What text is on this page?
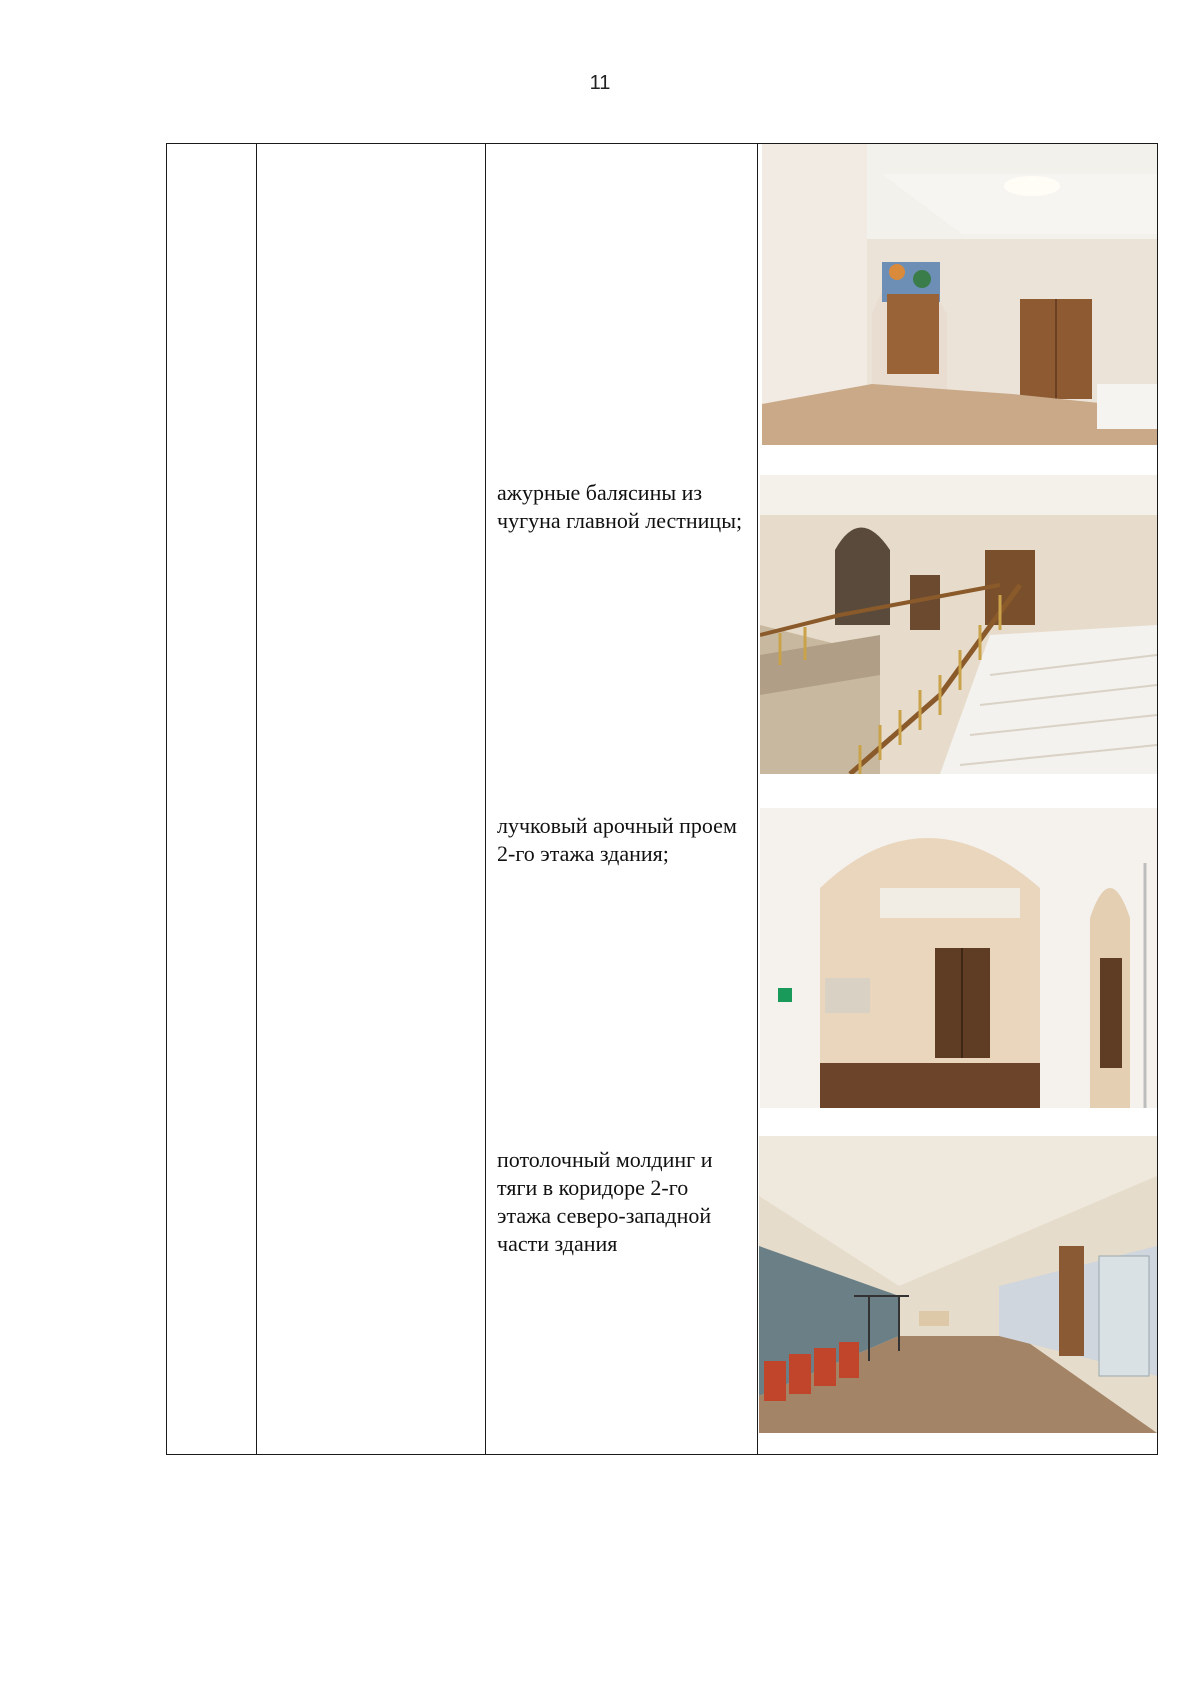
11
ажурные балясины из чугуна главной лестницы;
лучковый арочный проем 2-го этажа здания;
потолочный молдинг и тяги в коридоре 2-го этажа северо-западной части здания
